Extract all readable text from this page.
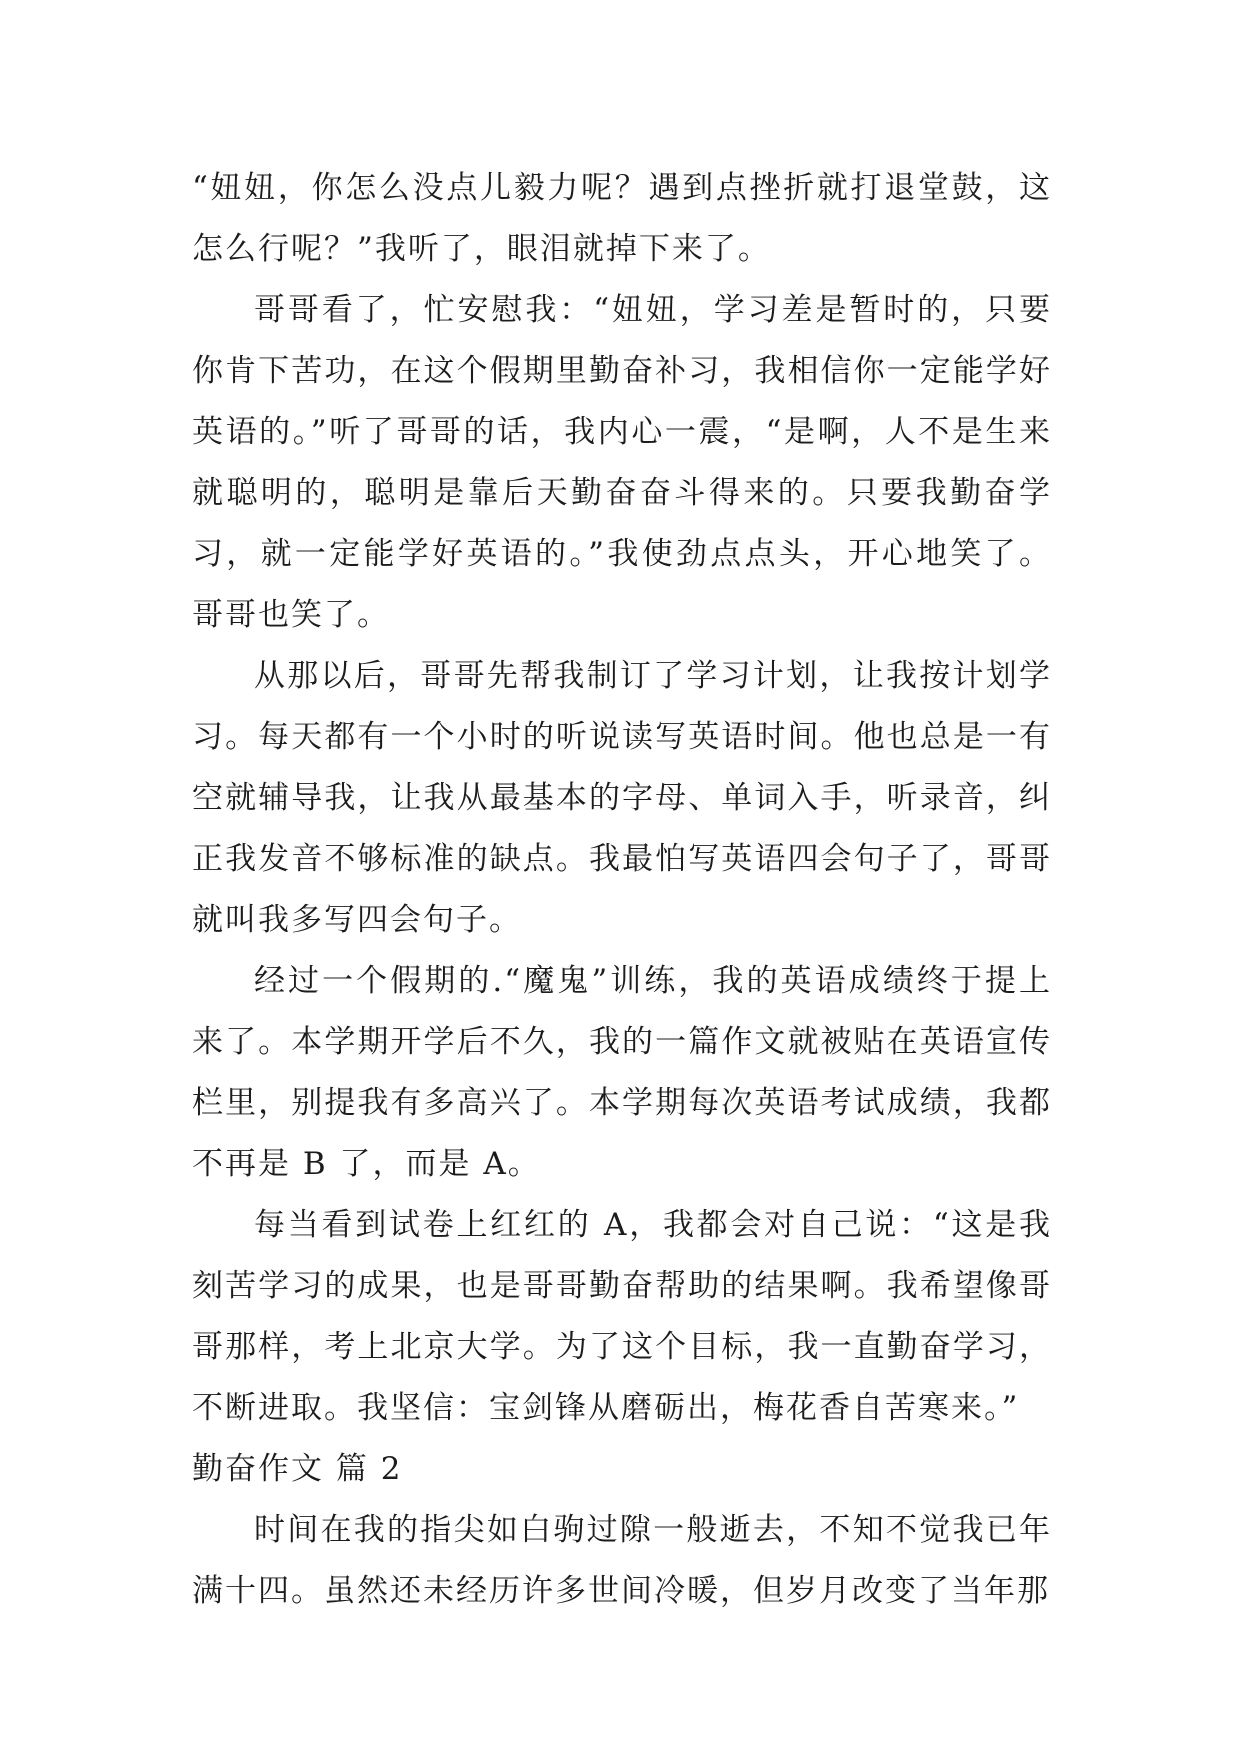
“妞妞，你怎么没点儿毅力呢？遇到点挫折就打退堂鼓，这怎么行呢？”我听了，眼泪就掉下来了。

哥哥看了，忙安慰我：“妞妞，学习差是暂时的，只要你肯下苦功，在这个假期里勤奋补习，我相信你一定能学好英语的。”听了哥哥的话，我内心一震，“是啊，人不是生来就聪明的，聪明是靠后天勤奋奋斗得来的。只要我勤奋学习，就一定能学好英语的。”我使劲点点头，开心地笑了。哥哥也笑了。

从那以后，哥哥先帮我制订了学习计划，让我按计划学习。每天都有一个小时的听说读写英语时间。他也总是一有空就辅导我，让我从最基本的字母、单词入手，听录音，纠正我发音不够标准的缺点。我最怕写英语四会句子了，哥哥就叫我多写四会句子。

经过一个假期的.“魔鬼”训练，我的英语成绩终于提上来了。本学期开学后不久，我的一篇作文就被贴在英语宣传栏里，别提我有多高兴了。本学期每次英语考试成绩，我都不再是 B 了，而是 A。

每当看到试卷上红红的 A，我都会对自己说：“这是我刻苦学习的成果，也是哥哥勤奋帮助的结果啊。我希望像哥哥那样，考上北京大学。为了这个目标，我一直勤奋学习，不断进取。我坚信：宝剑锋从磨砺出，梅花香自苦寒来。”

勤奋作文 篇 2

时间在我的指尖如白驹过隙一般逝去，不知不觉我已年满十四。虽然还未经历许多世间冷暖，但岁月改变了当年那
